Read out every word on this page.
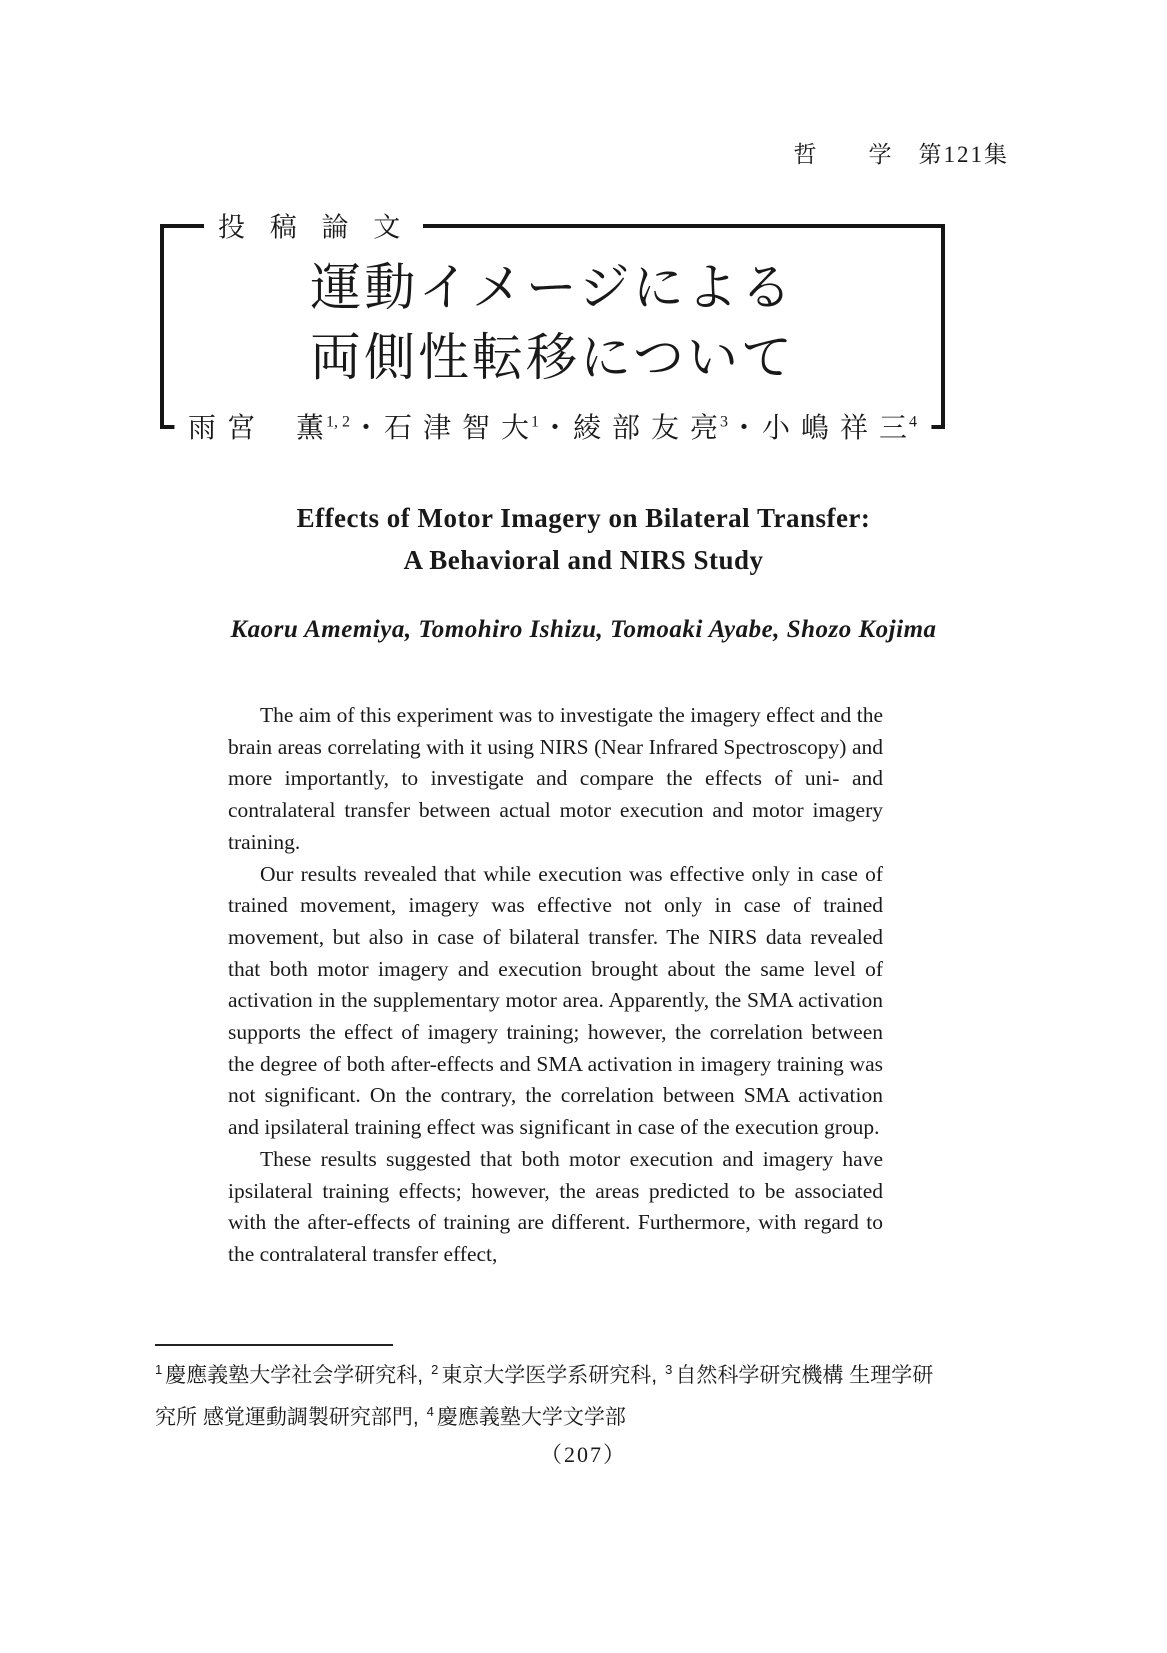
哲　　学　第121集
投 稿 論 文
運動イメージによる
両側性転移について
雨 宮　 薫$^{1, 2}$・石 津 智 大$^1$・綾 部 友 亮$^3$・小 嶋 祥 三$^4$
Effects of Motor Imagery on Bilateral Transfer:
A Behavioral and NIRS Study
Kaoru Amemiya, Tomohiro Ishizu, Tomoaki Ayabe, Shozo Kojima

The aim of this experiment was to investigate the imagery effect and the brain areas correlating with it using NIRS (Near Infrared Spectroscopy) and more importantly, to investigate and compare the effects of uni- and contralateral transfer between actual motor execution and motor imagery training.

Our results revealed that while execution was effective only in case of trained movement, imagery was effective not only in case of trained movement, but also in case of bilateral transfer. The NIRS data revealed that both motor imagery and execution brought about the same level of activation in the supplementary motor area. Apparently, the SMA activation supports the effect of imagery training; however, the correlation between the degree of both after-effects and SMA activation in imagery training was not significant. On the contrary, the correlation between SMA activation and ipsilateral training effect was significant in case of the execution group.

These results suggested that both motor execution and imagery have ipsilateral training effects; however, the areas predicted to be associated with the after-effects of training are different. Furthermore, with regard to the contralateral transfer effect,

$^1$ 慶應義塾大学社会学研究科, $^2$ 東京大学医学系研究科, $^3$ 自然科学研究機構 生理学研究所 感覚運動調製研究部門, $^4$ 慶應義塾大学文学部
（207）
